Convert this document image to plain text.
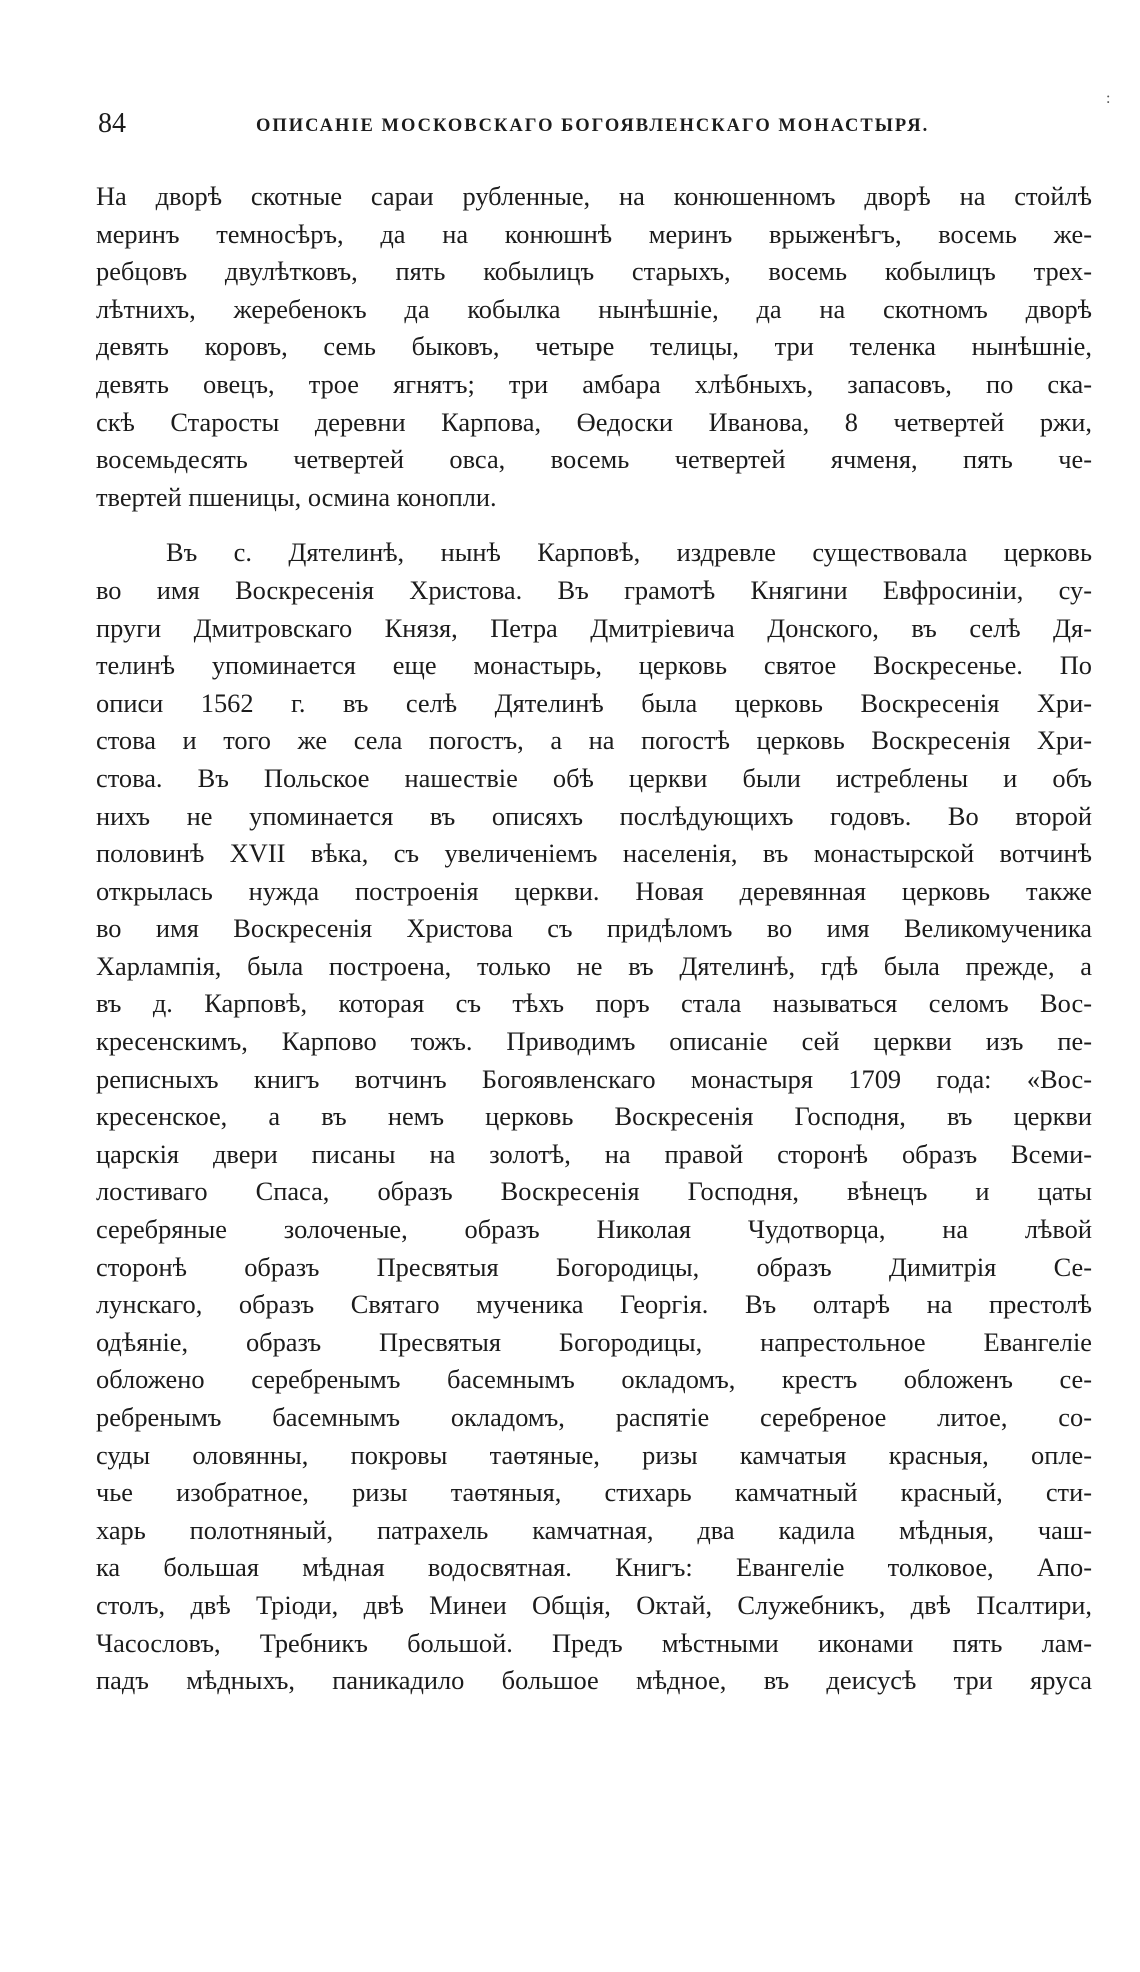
84	ОПИСАНІЕ МОСКОВСКАГО БОГОЯВЛЕНСКАГО МОНАСТЫРЯ.
:
На дворѣ скотные сараи рубленные, на конюшенномъ дворѣ на стойлѣ
меринъ темносѣръ, да на конюшнѣ меринъ врыженѣгъ, восемь же-
ребцовъ двулѣтковъ, пять кобылицъ старыхъ, восемь кобылицъ трех-
лѣтнихъ, жеребенокъ да кобылка нынѣшніе, да на скотномъ дворѣ
девять коровъ, семь быковъ, четыре телицы, три теленка нынѣшніе,
девять овецъ, трое ягнятъ; три амбара хлѣбныхъ, запасовъ, по ска-
скѣ Старосты деревни Карпова, Өедоски Иванова, 8 четвертей ржи,
восемьдесять четвертей овса, восемь четвертей ячменя, пять че-
твертей пшеницы, осмина конопли.
Въ с. Дятелинѣ, нынѣ Карповѣ, издревле существовала церковь
во имя Воскресенія Христова. Въ грамотѣ Княгини Евфросиніи, су-
пруги Дмитровскаго Князя, Петра Дмитріевича Донского, въ селѣ Дя-
телинѣ упоминается еще монастырь, церковь святое Воскресенье. По
описи 1562 г. въ селѣ Дятелинѣ была церковь Воскресенія Хри-
стова и того же села погостъ, а на погостѣ церковь Воскресенія Хри-
стова. Въ Польское нашествіе обѣ церкви были истреблены и объ
нихъ не упоминается въ описяхъ послѣдующихъ годовъ. Во второй
половинѣ XVII вѣка, съ увеличеніемъ населенія, въ монастырской вотчинѣ
открылась нужда построенія церкви. Новая деревянная церковь также
во имя Воскресенія Христова съ придѣломъ во имя Великомученика
Харлампія, была построена, только не въ Дятелинѣ, гдѣ была прежде, а
въ д. Карповѣ, которая съ тѣхъ поръ стала называться селомъ Вос-
кресенскимъ, Карпово тожъ. Приводимъ описаніе сей церкви изъ пе-
реписныхъ книгъ вотчинъ Богоявленскаго монастыря 1709 года: «Вос-
кресенское, а въ немъ церковь Воскресенія Господня, въ церкви
царскія двери писаны на золотѣ, на правой сторонѣ образъ Всеми-
лостиваго Спаса, образъ Воскресенія Господня, вѣнецъ и цаты
серебряные золоченые, образъ Николая Чудотворца, на лѣвой
сторонѣ образъ Пресвятыя Богородицы, образъ Димитрія Се-
лунскаго, образъ Святаго мученика Георгія. Въ олтарѣ на престолѣ
одѣяніе, образъ Пресвятыя Богородицы, напрестольное Евангеліе
обложено серебренымъ басемнымъ окладомъ, крестъ обложенъ се-
ребренымъ басемнымъ окладомъ, распятіе серебреное литое, со-
суды оловянны, покровы таөтяные, ризы камчатыя красныя, опле-
чье изобратное, ризы таөтяныя, стихарь камчатный красный, сти-
харь полотняный, патрахель камчатная, два кадила мѣдныя, чаш-
ка большая мѣдная водосвятная. Книгъ: Евангеліе толковое, Апо-
столъ, двѣ Тріоди, двѣ Минеи Общія, Октай, Служебникъ, двѣ Псалтири,
Часословъ, Требникъ большой. Предъ мѣстными иконами пять лам-
падъ мѣдныхъ, паникадило большое мѣдное, въ деисусѣ три яруса
